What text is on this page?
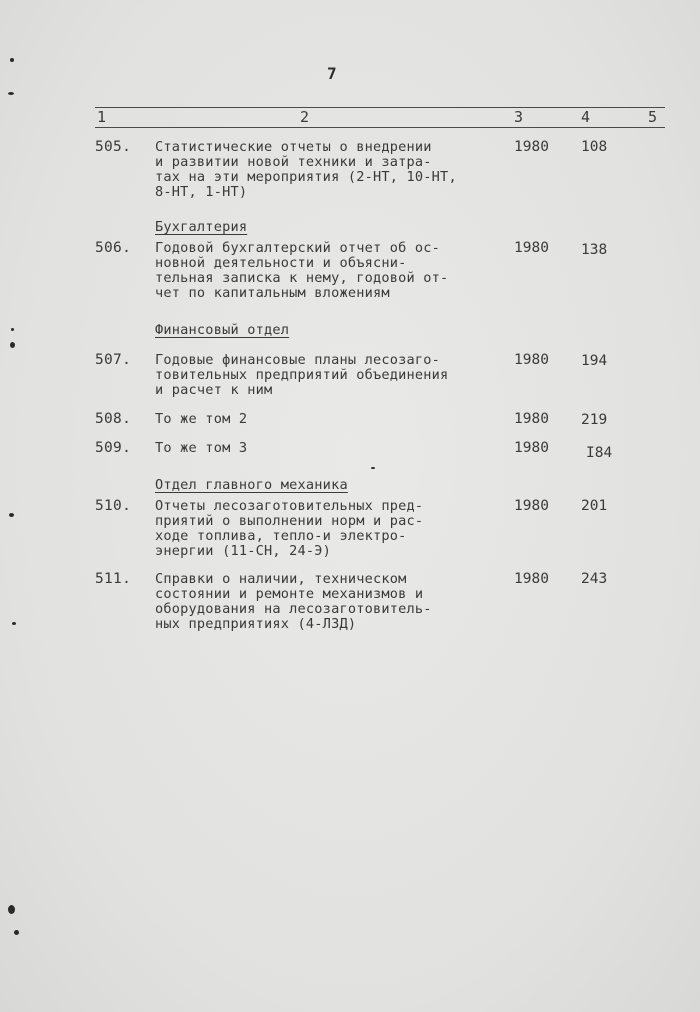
7
1	2	3	4	5
505. Статистические отчеты о внедрении
и развитии новой техники и затра-
тах на эти мероприятия (2-НТ, 10-НТ,
8-НТ, 1-НТ)
1980 108
Бухгалтерия
506. Годовой бухгалтерский отчет об ос-
новной деятельности и объясни-
тельная записка к нему, годовой от-
чет по капитальным вложениям
1980 138
Финансовый отдел
507. Годовые финансовые планы лесозаго-
товительных предприятий объединения
и расчет к ним
1980 194
508. То же том 2	1980 219
509. То же том 3	1980	I84
Отдел главного механика
510. Отчеты лесозаготовительных пред-
приятий о выполнении норм и рас-
ходе топлива, тепло-и электро-
энергии (11-СН, 24-Э)
1980 201
511. Справки о наличии, техническом
состоянии и ремонте механизмов и
оборудования на лесозаготовитель-
ных предприятиях (4-ЛЗД)
1980 243
